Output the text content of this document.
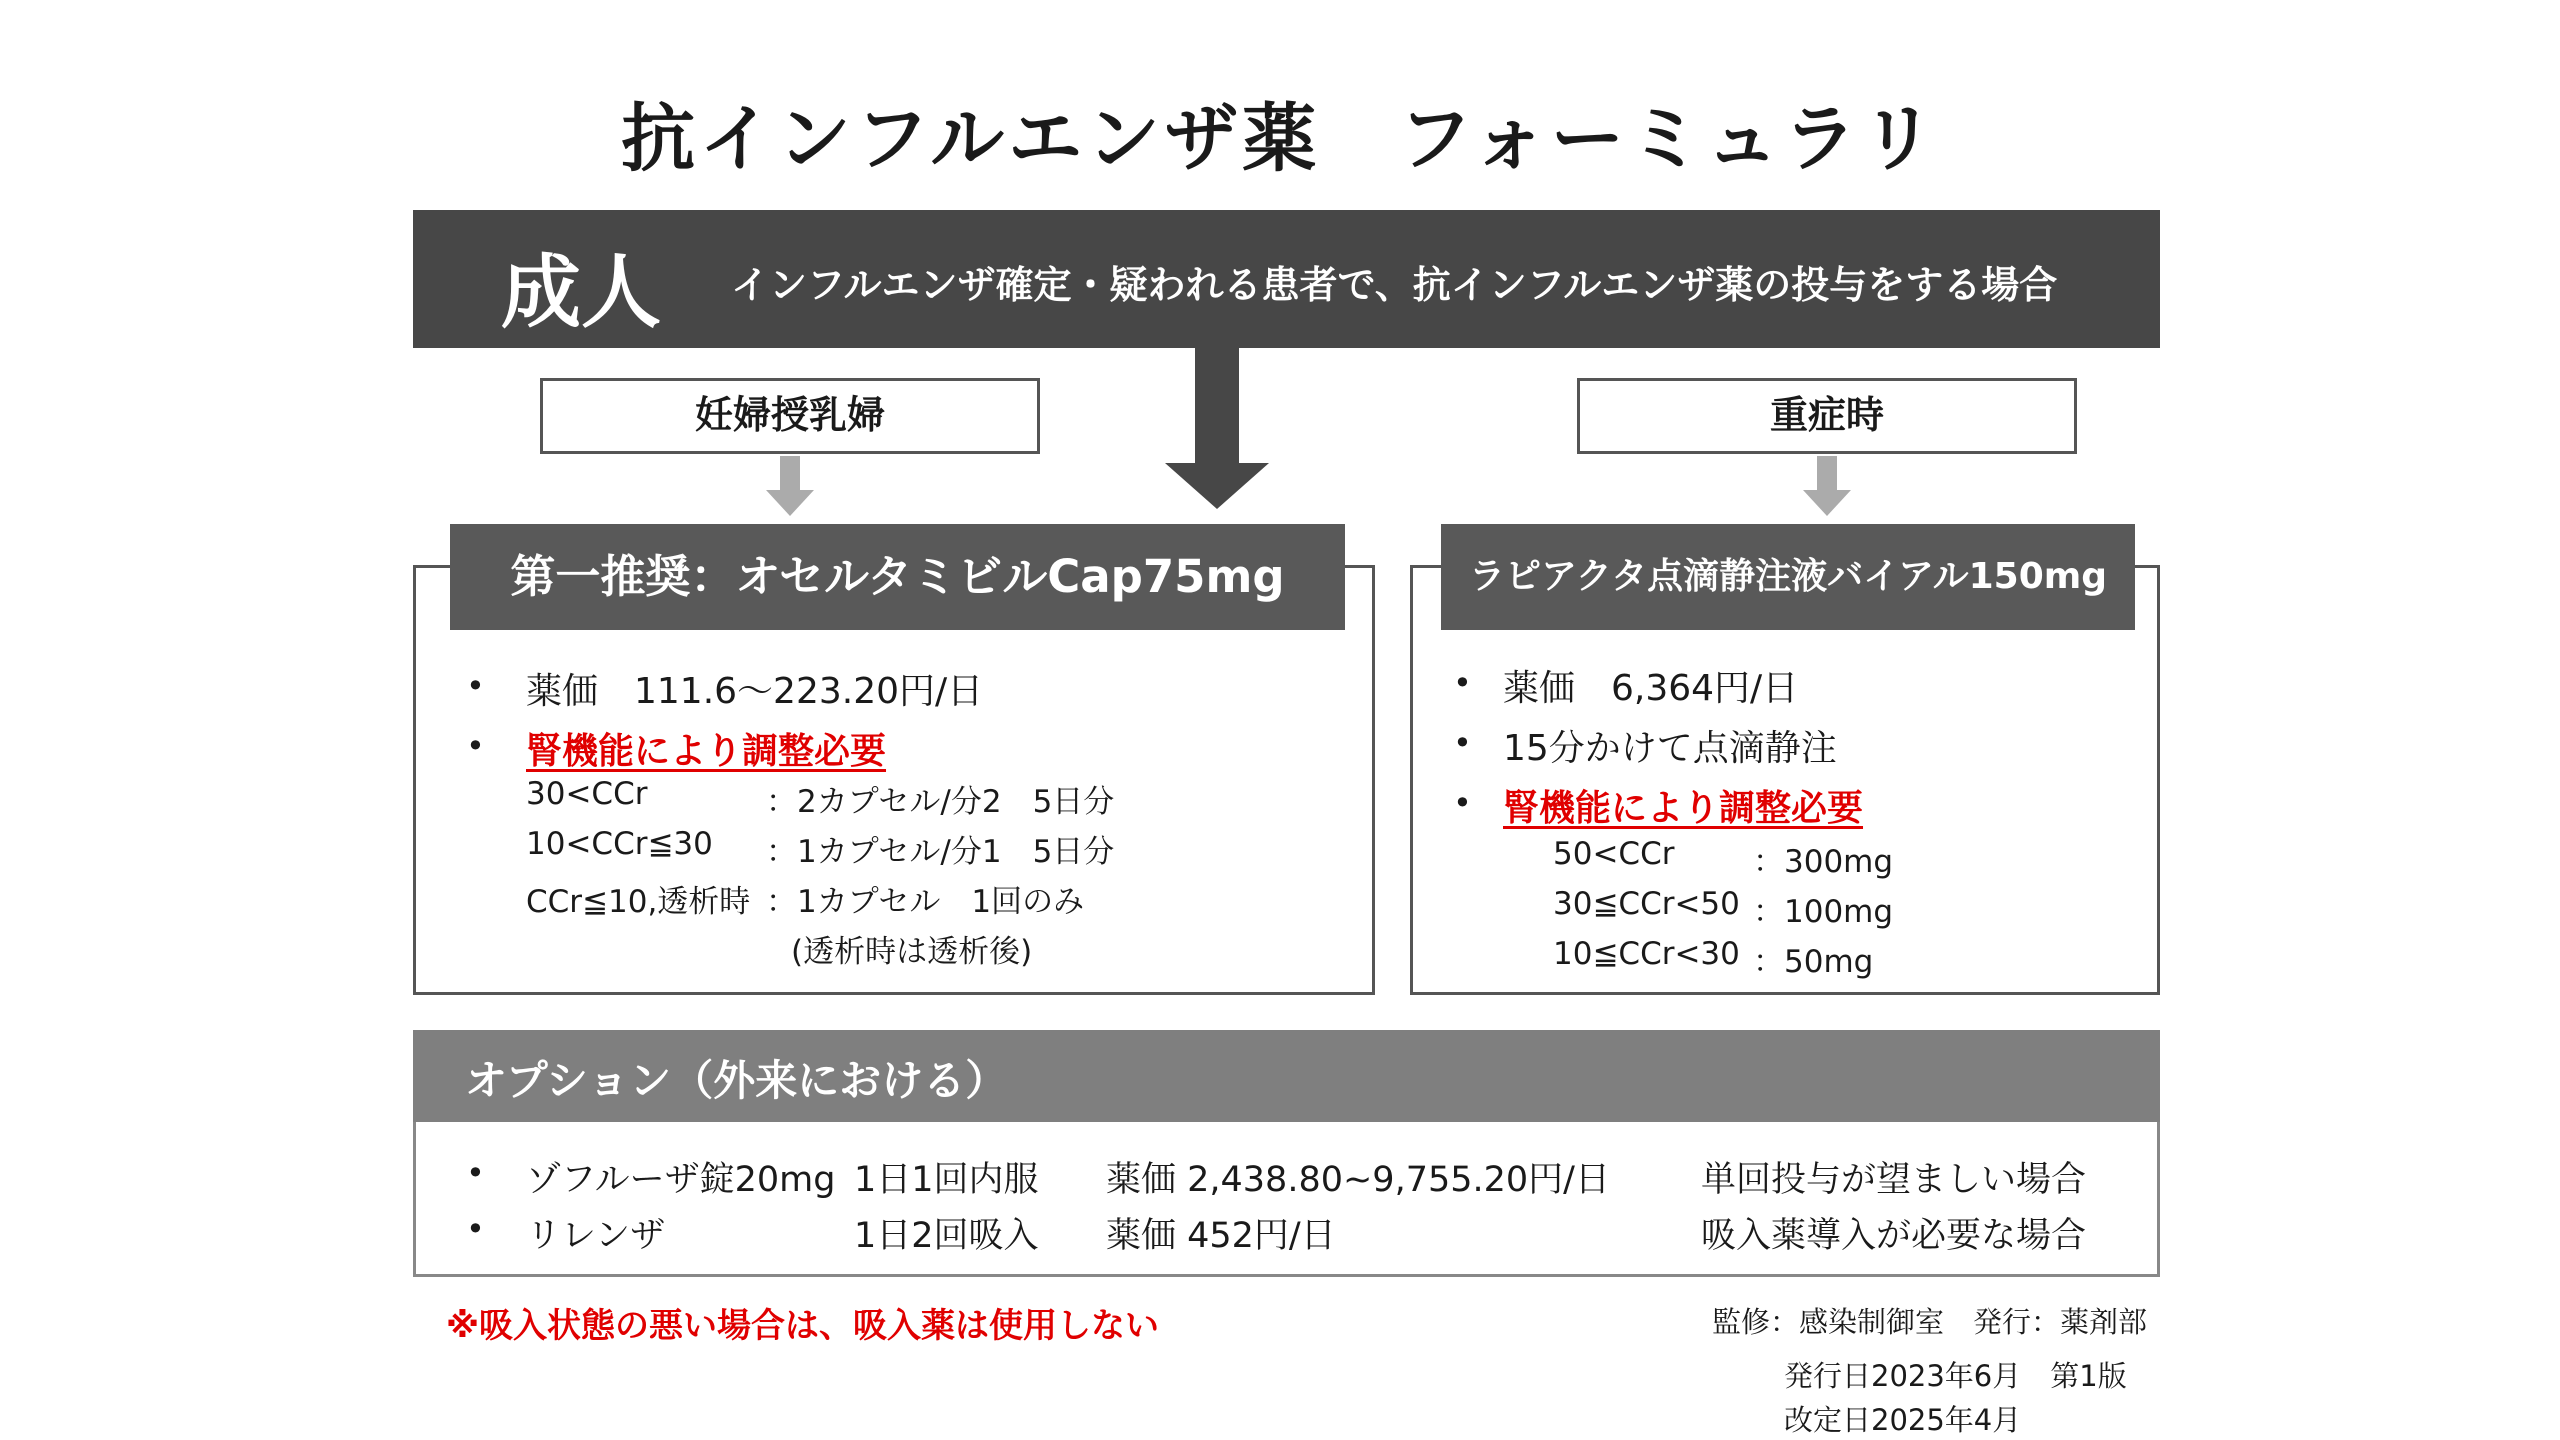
抗インフルエンザ薬　フォーミュラリ
成人 インフルエンザ確定・疑われる患者で、抗インフルエンザ薬の投与をする場合
妊婦授乳婦	重症時
• 薬価　111.6～223.20円/日
• 腎機能により調整必要
30<CCr	：2カプセル/分2　5日分
10<CCr≦30 ：1カプセル/分1　5日分
CCr≦10,透析時 ：1カプセル　1回のみ
(透析時は透析後)
第一推奨：オセルタミビルCap75mg
• 薬価　6,364円/日
• 15分かけて点滴静注
• 腎機能により調整必要
50<CCr	：300mg
30≦CCr<50 ：100mg
10≦CCr<30 ：50mg
ラピアクタ点滴静注液バイアル150mg
オプション（外来における）
• ゾフルーザ錠20mg 1日1回内服 薬価 2,438.80~9,755.20円/日	単回投与が望ましい場合
• リレンザ	1日2回吸入 薬価 452円/日	吸入薬導入が必要な場合
※吸入状態の悪い場合は、吸入薬は使用しない	監修：感染制御室　発行：薬剤部
発行日2023年6月　第1版
改定日2025年4月
